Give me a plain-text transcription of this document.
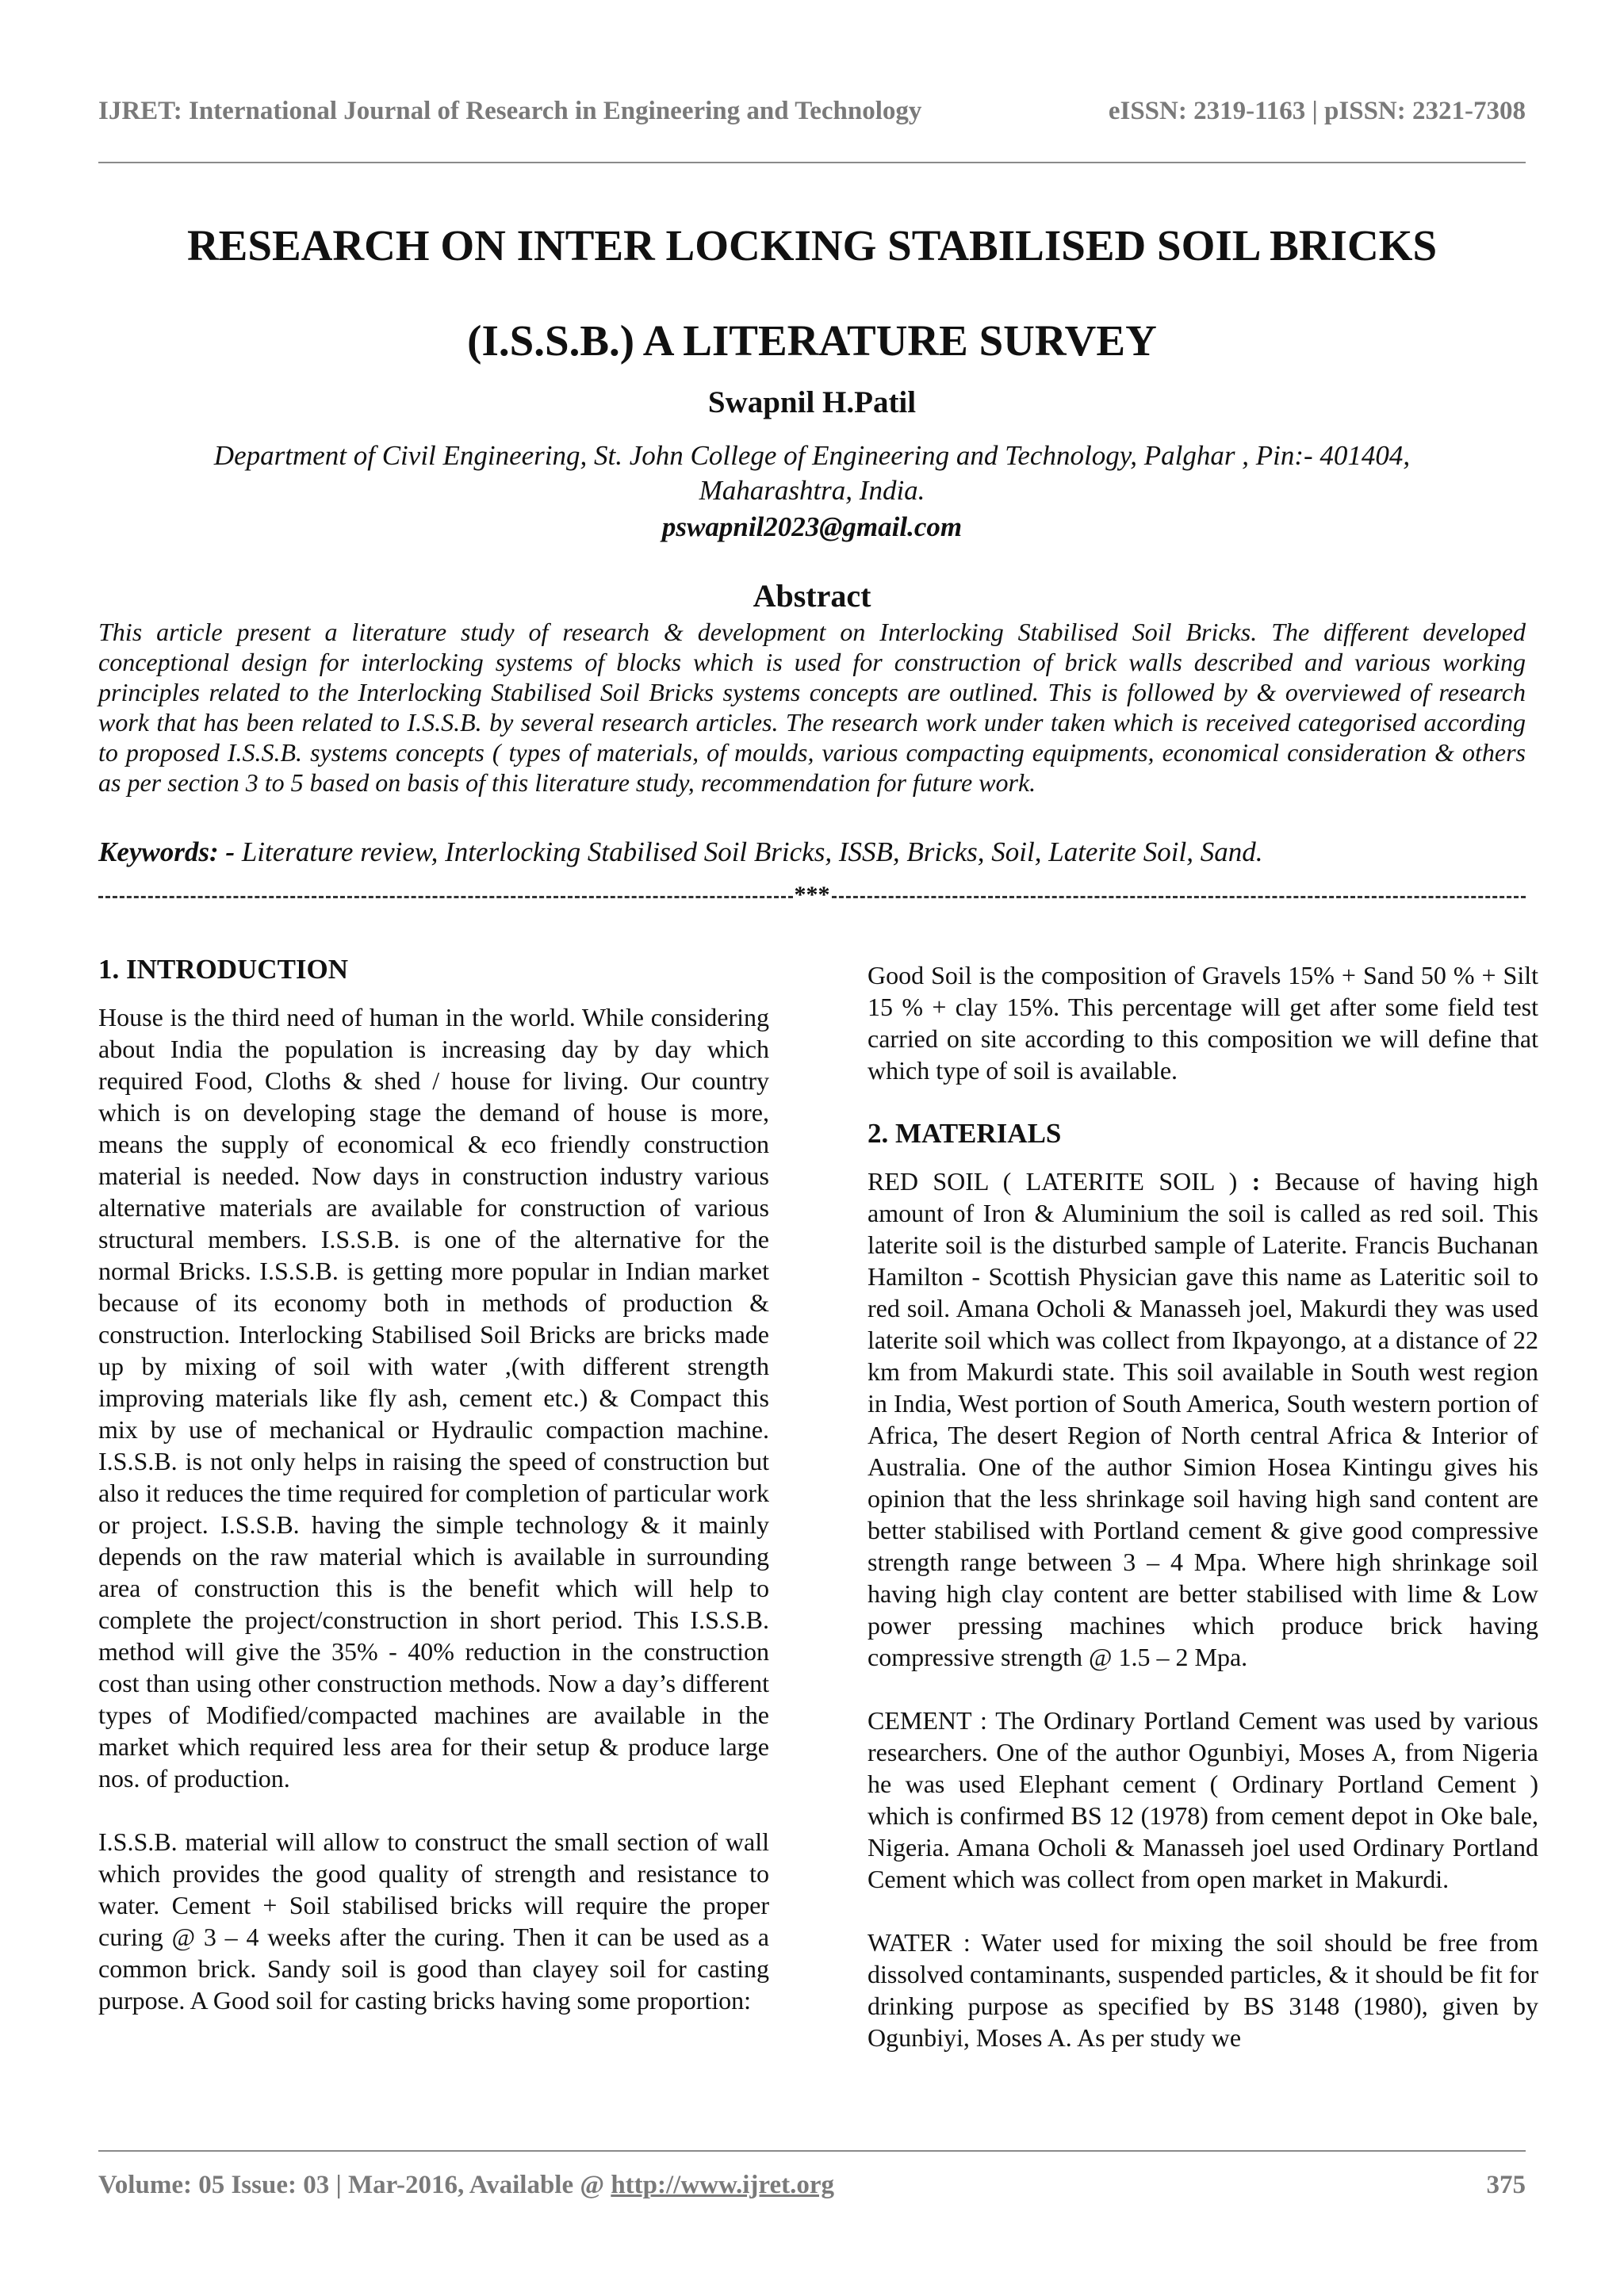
IJRET: International Journal of Research in Engineering and Technology	eISSN: 2319-1163 | pISSN: 2321-7308
RESEARCH ON INTER LOCKING STABILISED SOIL BRICKS
(I.S.S.B.) A LITERATURE SURVEY
Swapnil H.Patil
Department of Civil Engineering, St. John College of Engineering and Technology, Palghar , Pin:- 401404, Maharashtra, India.
pswapnil2023@gmail.com
Abstract
This article present a literature study of research & development on Interlocking Stabilised Soil Bricks. The different developed conceptional design for interlocking systems of blocks which is used for construction of brick walls described and various working principles related to the Interlocking Stabilised Soil Bricks systems concepts are outlined. This is followed by & overviewed of research work that has been related to I.S.S.B. by several research articles. The research work under taken which is received categorised according to proposed I.S.S.B. systems concepts ( types of materials, of moulds, various compacting equipments, economical consideration & others as per section 3 to 5 based on basis of this literature study, recommendation for future work.
Keywords: - Literature review, Interlocking Stabilised Soil Bricks, ISSB, Bricks, Soil, Laterite Soil, Sand.
***
1. INTRODUCTION

House is the third need of human in the world. While considering about India the population is increasing day by day which required Food, Cloths & shed / house for living. Our country which is on developing stage the demand of house is more, means the supply of economical & eco friendly construction material is needed. Now days in construction industry various alternative materials are available for construction of various structural members. I.S.S.B. is one of the alternative for the normal Bricks. I.S.S.B. is getting more popular in Indian market because of its economy both in methods of production & construction. Interlocking Stabilised Soil Bricks are bricks made up by mixing of soil with water ,(with different strength improving materials like fly ash, cement etc.) & Compact this mix by use of mechanical or Hydraulic compaction machine. I.S.S.B. is not only helps in raising the speed of construction but also it reduces the time required for completion of particular work or project. I.S.S.B. having the simple technology & it mainly depends on the raw material which is available in surrounding area of construction this is the benefit which will help to complete the project/construction in short period. This I.S.S.B. method will give the 35% - 40% reduction in the construction cost than using other construction methods. Now a day’s different types of Modified/compacted machines are available in the market which required less area for their setup & produce large nos. of production.

I.S.S.B. material will allow to construct the small section of wall which provides the good quality of strength and resistance to water. Cement + Soil stabilised bricks will require the proper curing @ 3 – 4 weeks after the curing. Then it can be used as a common brick. Sandy soil is good than clayey soil for casting purpose. A Good soil for casting bricks having some proportion:

Good Soil is the composition of Gravels 15% + Sand 50 % + Silt 15 % + clay 15%. This percentage will get after some field test carried on site according to this composition we will define that which type of soil is available.

2. MATERIALS

RED SOIL ( LATERITE SOIL ) : Because of having high amount of Iron & Aluminium the soil is called as red soil. This laterite soil is the disturbed sample of Laterite. Francis Buchanan Hamilton - Scottish Physician gave this name as Lateritic soil to red soil. Amana Ocholi & Manasseh joel, Makurdi they was used laterite soil which was collect from Ikpayongo, at a distance of 22 km from Makurdi state. This soil available in South west region in India, West portion of South America, South western portion of Africa, The desert Region of North central Africa & Interior of Australia. One of the author Simion Hosea Kintingu gives his opinion that the less shrinkage soil having high sand content are better stabilised with Portland cement & give good compressive strength range between 3 – 4 Mpa. Where high shrinkage soil having high clay content are better stabilised with lime & Low power pressing machines which produce brick having compressive strength @ 1.5 – 2 Mpa.

CEMENT : The Ordinary Portland Cement was used by various researchers. One of the author Ogunbiyi, Moses A, from Nigeria he was used Elephant cement ( Ordinary Portland Cement ) which is confirmed BS 12 (1978) from cement depot in Oke bale, Nigeria. Amana Ocholi & Manasseh joel used Ordinary Portland Cement which was collect from open market in Makurdi.

WATER : Water used for mixing the soil should be free from dissolved contaminants, suspended particles, & it should be fit for drinking purpose as specified by BS 3148 (1980), given by Ogunbiyi, Moses A. As per study we

Volume: 05 Issue: 03 | Mar-2016, Available @ http://www.ijret.org	375
